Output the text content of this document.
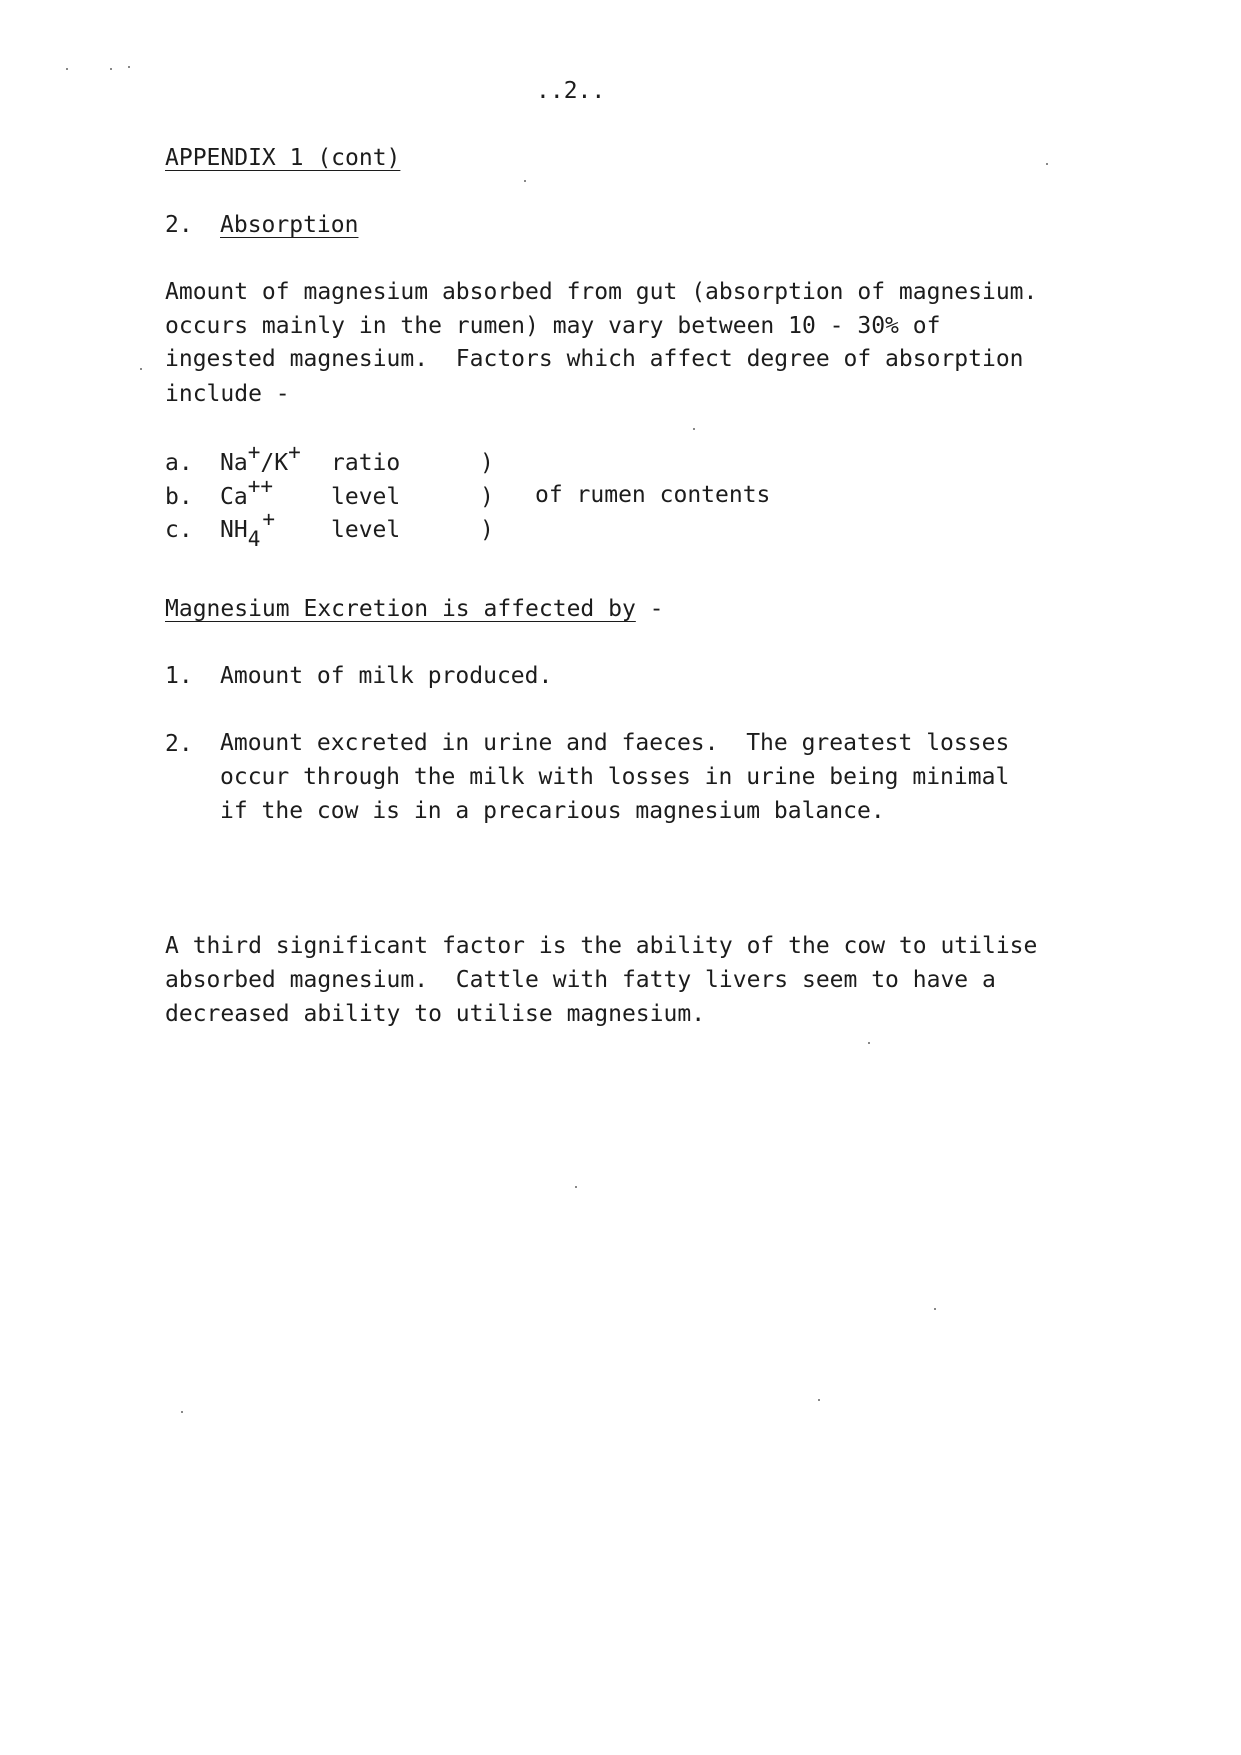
..2..
APPENDIX 1 (cont)
2. Absorption
Amount of magnesium absorbed from gut (absorption of magnesium.
occurs mainly in the rumen) may vary between 10 - 30% of
ingested magnesium.  Factors which affect degree of absorption
include -
a. Na+/K+ ratio	)
b. Ca++	level	) of rumen contents
c. NH4+ level	)
Magnesium Excretion is affected by -
1. Amount of milk produced.
2. Amount excreted in urine and faeces.  The greatest losses
occur through the milk with losses in urine being minimal
if the cow is in a precarious magnesium balance.
A third significant factor is the ability of the cow to utilise
absorbed magnesium.  Cattle with fatty livers seem to have a
decreased ability to utilise magnesium.
